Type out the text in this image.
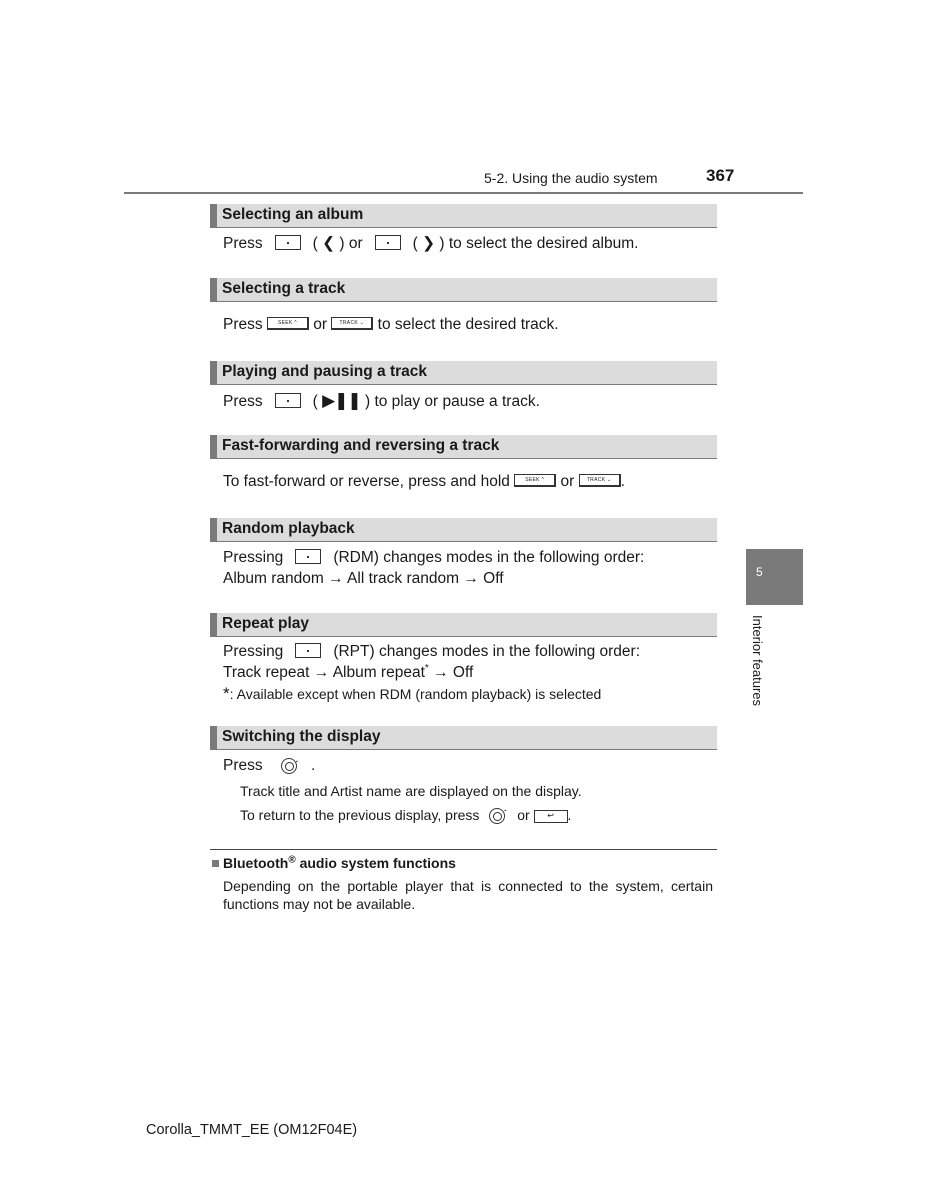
5-2. Using the audio system	367
Selecting an album
Press	( ❮ ) or	( ❯ ) to select the desired album.
Selecting a track
Press	SEEK ^ or	TRACK ⌄ to select the desired track.
Playing and pausing a track
Press	( ▶❚❚ ) to play or pause a track.
Fast-forwarding and reversing a track
To fast-forward or reverse, press and hold	SEEK ^ or	TRACK ⌄ .
Random playback
Pressing	(RDM) changes modes in the following order:
Album random → All track random → Off
Repeat play
Pressing	(RPT) changes modes in the following order:
Track repeat → Album repeat* → Off
*: Available except when RDM (random playback) is selected
Switching the display
Press	▪ .
Track title and Artist name are displayed on the display.
To return to the previous display, press	▪ or ↩ .
Bluetooth® audio system functions
Depending on the portable player that is connected to the system, certain functions may not be available.
5
Interior features
Corolla_TMMT_EE (OM12F04E)
